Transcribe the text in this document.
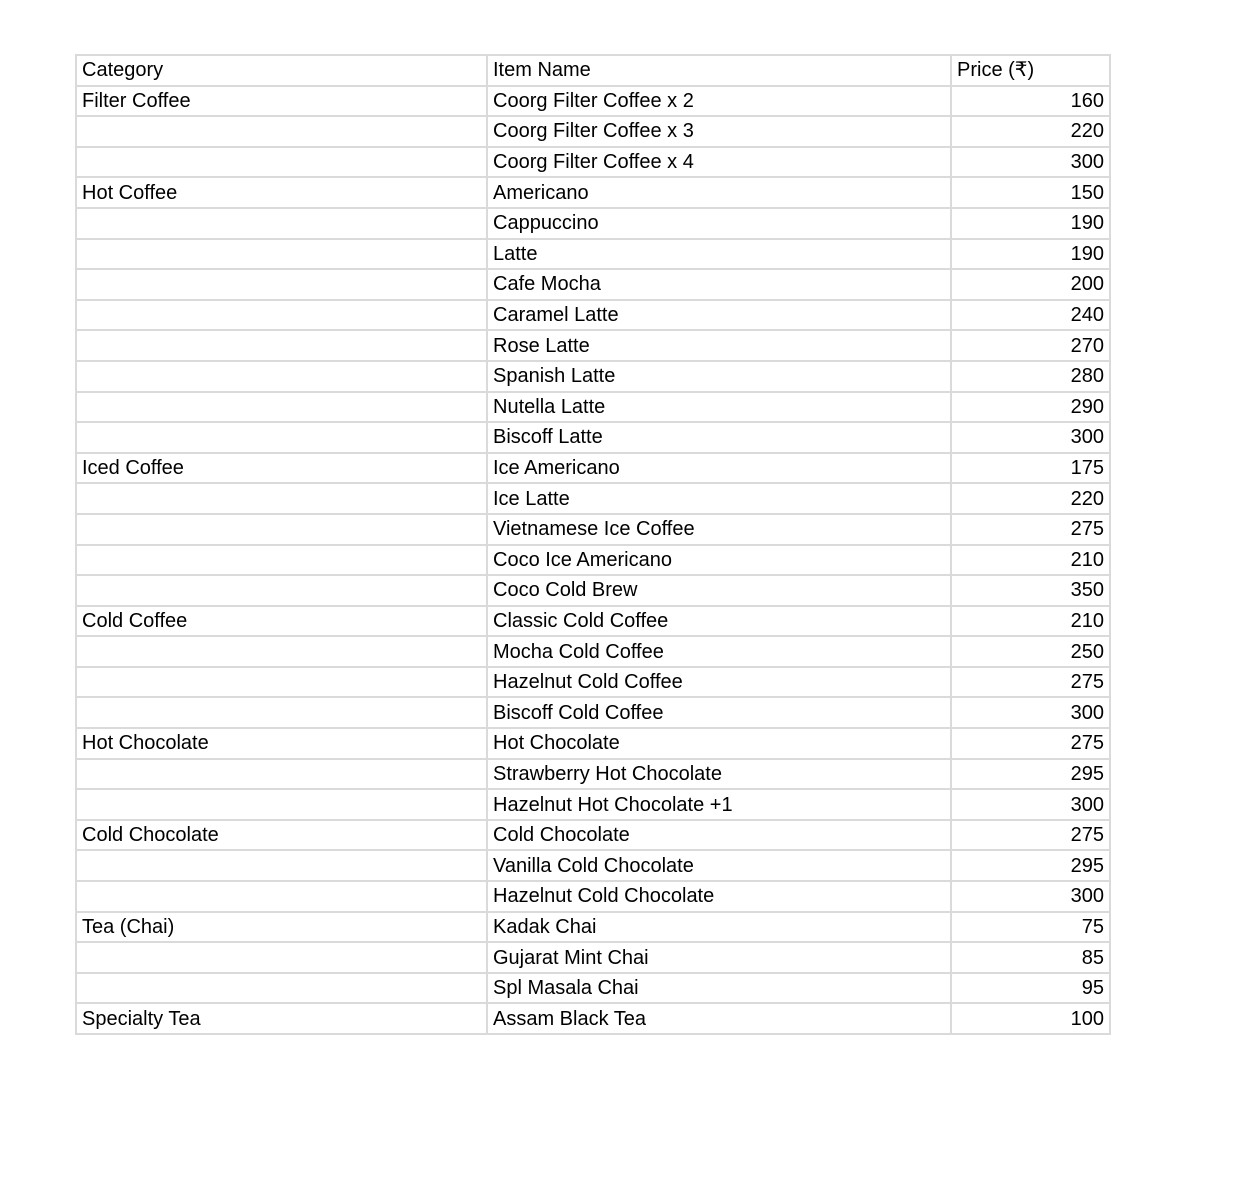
Category	Item Name	Price (₹)
Filter Coffee	Coorg Filter Coffee x 2	160
	Coorg Filter Coffee x 3	220
	Coorg Filter Coffee x 4	300
Hot Coffee	Americano	150
	Cappuccino	190
	Latte	190
	Cafe Mocha	200
	Caramel Latte	240
	Rose Latte	270
	Spanish Latte	280
	Nutella Latte	290
	Biscoff Latte	300
Iced Coffee	Ice Americano	175
	Ice Latte	220
	Vietnamese Ice Coffee	275
	Coco Ice Americano	210
	Coco Cold Brew	350
Cold Coffee	Classic Cold Coffee	210
	Mocha Cold Coffee	250
	Hazelnut Cold Coffee	275
	Biscoff Cold Coffee	300
Hot Chocolate	Hot Chocolate	275
	Strawberry Hot Chocolate	295
	Hazelnut Hot Chocolate +1	300
Cold Chocolate	Cold Chocolate	275
	Vanilla Cold Chocolate	295
	Hazelnut Cold Chocolate	300
Tea (Chai)	Kadak Chai	75
	Gujarat Mint Chai	85
	Spl Masala Chai	95
Specialty Tea	Assam Black Tea	100
